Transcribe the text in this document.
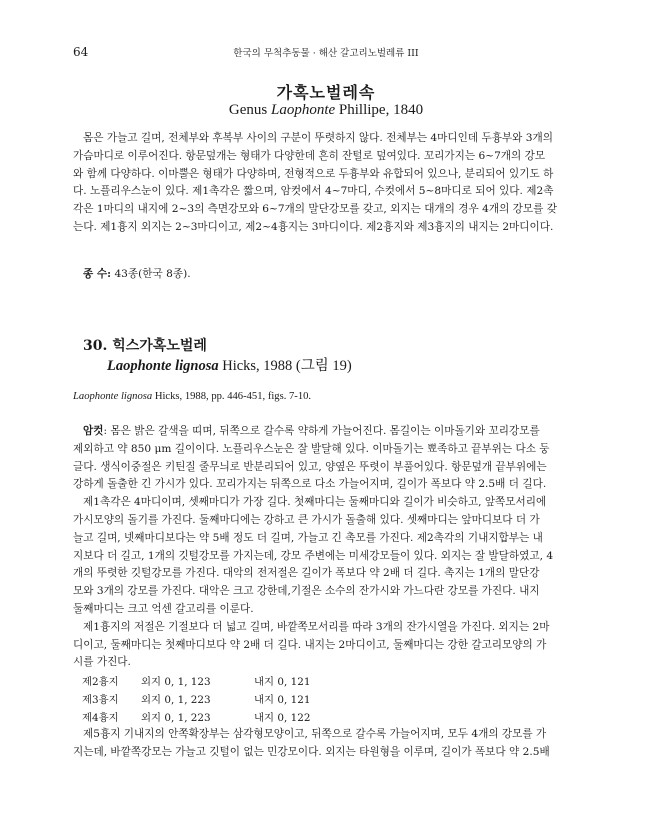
64	한국의 무척추동물 · 해산 갈고리노벌레류 III
가혹노벌레속
Genus Laophonte Phillipe, 1840
몸은 가늘고 길며, 전체부와 후복부 사이의 구분이 뚜렷하지 않다. 전체부는 4마디인데 두흉부와 3개의
가슴마디로 이루어진다. 항문덮개는 형태가 다양한데 흔히 잔털로 덮여있다. 꼬리가지는 6~7개의 강모
와 함께 다양하다. 이마뿔은 형태가 다양하며, 전형적으로 두흉부와 유합되어 있으나, 분리되어 있기도 하
다. 노플리우스눈이 있다. 제1촉각은 짧으며, 암컷에서 4~7마디, 수컷에서 5~8마디로 되어 있다. 제2촉
각은 1마디의 내지에 2~3의 측면강모와 6~7개의 말단강모를 갖고, 외지는 대개의 경우 4개의 강모를 갖
는다. 제1흉지 외지는 2~3마디이고, 제2~4흉지는 3마디이다. 제2흉지와 제3흉지의 내지는 2마디이다.
종 수: 43종(한국 8종).
30. 힉스가혹노벌레
Laophonte lignosa Hicks, 1988 (그림 19)
Laophonte lignosa Hicks, 1988, pp. 446-451, figs. 7-10.
암컷: 몸은 밝은 갈색을 띠며, 뒤쪽으로 갈수록 약하게 가늘어진다. 몸길이는 이마돌기와 꼬리강모를
제외하고 약 850 μm 길이이다. 노플리우스눈은 잘 발달해 있다. 이마돌기는 뾰족하고 끝부위는 다소 둥
글다. 생식이중절은 키틴질 줄무늬로 반분리되어 있고, 양옆은 뚜렷이 부풀어있다. 항문덮개 끝부위에는
강하게 돌출한 긴 가시가 있다. 꼬리가지는 뒤쪽으로 다소 가늘어지며, 길이가 폭보다 약 2.5배 더 길다.
제1촉각은 4마디이며, 셋째마디가 가장 길다. 첫째마디는 둘째마디와 길이가 비슷하고, 앞쪽모서리에
가시모양의 돌기를 가진다. 둘째마디에는 강하고 큰 가시가 돌출해 있다. 셋째마디는 앞마디보다 더 가
늘고 길며, 넷째마디보다는 약 5배 정도 더 길며, 가늘고 긴 촉모를 가진다. 제2촉각의 기내지합부는 내
지보다 더 길고, 1개의 깃털강모를 가지는데, 강모 주변에는 미세강모들이 있다. 외지는 잘 발달하였고, 4
개의 뚜렷한 깃털강모를 가진다. 대악의 전저절은 길이가 폭보다 약 2배 더 길다. 촉지는 1개의 말단강
모와 3개의 강모를 가진다. 대악은 크고 강한데,기절은 소수의 잔가시와 가느다란 강모를 가진다. 내지
둘째마디는 크고 억센 갈고리를 이룬다.
제1흉지의 저절은 기절보다 더 넓고 길며, 바깥쪽모서리를 따라 3개의 잔가시열을 가진다. 외지는 2마
디이고, 둘째마디는 첫째마디보다 약 2배 더 길다. 내지는 2마디이고, 둘째마디는 강한 갈고리모양의 가
시를 가진다.
제2흉지 외지 0, 1, 123	내지 0, 121
제3흉지 외지 0, 1, 223	내지 0, 121
제4흉지 외지 0, 1, 223	내지 0, 122
제5흉지 기내지의 안쪽확장부는 삼각형모양이고, 뒤쪽으로 갈수록 가늘어지며, 모두 4개의 강모를 가
지는데, 바깥쪽강모는 가늘고 깃털이 없는 민강모이다. 외지는 타원형을 이루며, 길이가 폭보다 약 2.5배
